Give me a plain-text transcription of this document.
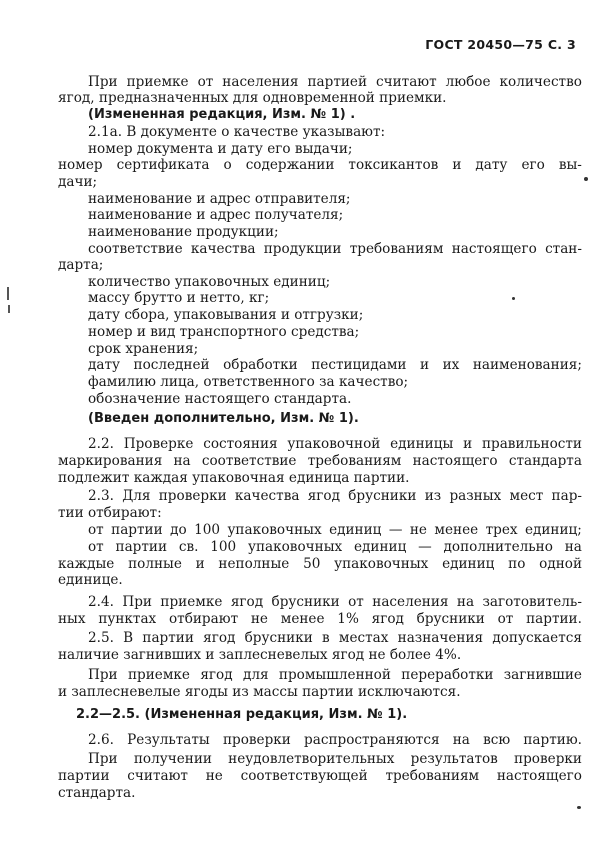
ГОСТ 20450—75 С. 3

При приемке от населения партией считают любое количество

ягод, предназначенных для одновременной приемки.

(Измененная редакция, Изм. № 1) .

2.1а. В документе о качестве указывают:

номер документа и дату его выдачи;

номер сертификата о содержании токсикантов и дату его вы-

дачи;

наименование и адрес отправителя;

наименование и адрес получателя;

наименование продукции;

соответствие качества продукции требованиям настоящего стан-

дарта;

количество упаковочных единиц;

массу брутто и нетто, кг;

дату сбора, упаковывания и отгрузки;

номер и вид транспортного средства;

срок хранения;

дату последней обработки пестицидами и их наименования;

фамилию лица, ответственного за качество;

обозначение настоящего стандарта.

(Введен дополнительно, Изм. № 1).

2.2. Проверке состояния упаковочной единицы и правильности

маркирования на соответствие требованиям настоящего стандарта

подлежит каждая упаковочная единица партии.

2.3. Для проверки качества ягод брусники из разных мест пар-

тии отбирают:

от партии до 100 упаковочных единиц — не менее трех единиц;

от партии св. 100 упаковочных единиц — дополнительно на

каждые полные и неполные 50 упаковочных единиц по одной

единице.

2.4. При приемке ягод брусники от населения на заготовитель-

ных пунктах отбирают не менее 1% ягод брусники от партии.

2.5. В партии ягод брусники в местах назначения допускается

наличие загнивших и заплесневелых ягод не более 4%.

При приемке ягод для промышленной переработки загнившие

и заплесневелые ягоды из массы партии исключаются.

2.2—2.5. (Измененная редакция, Изм. № 1).

2.6. Результаты проверки распространяются на всю партию.

При получении неудовлетворительных результатов проверки

партии считают не соответствующей требованиям настоящего

стандарта.
